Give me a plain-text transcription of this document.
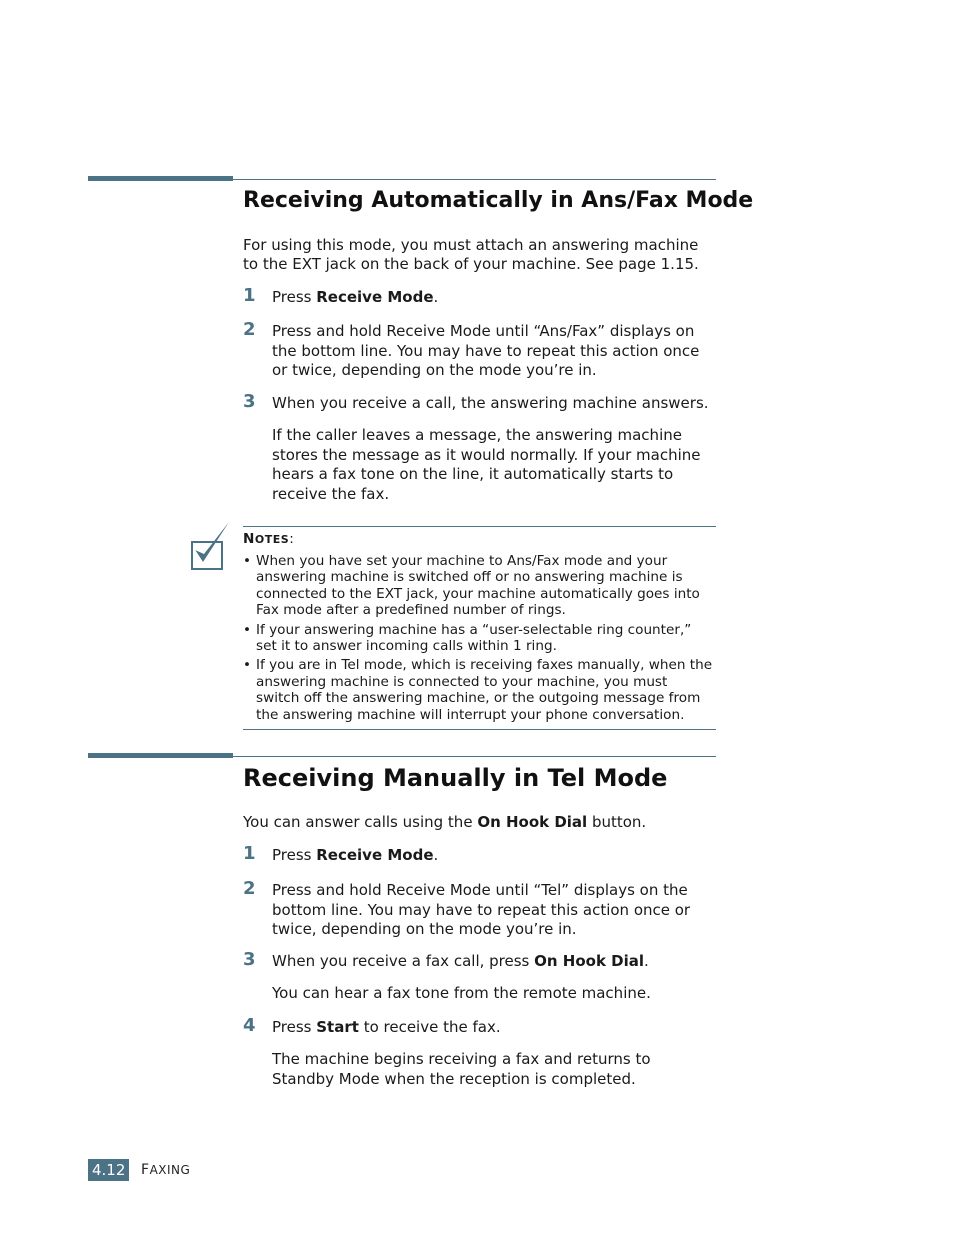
Receiving Automatically in Ans/Fax Mode

For using this mode, you must attach an answering machine to the EXT jack on the back of your machine. See page 1.15.

1 Press Receive Mode.

2 Press and hold Receive Mode until “Ans/Fax” displays on the bottom line. You may have to repeat this action once or twice, depending on the mode you’re in.

3 When you receive a call, the answering machine answers.

If the caller leaves a message, the answering machine stores the message as it would normally. If your machine hears a fax tone on the line, it automatically starts to receive the fax.

NOTES:
• When you have set your machine to Ans/Fax mode and your answering machine is switched off or no answering machine is connected to the EXT jack, your machine automatically goes into Fax mode after a predefined number of rings.
• If your answering machine has a “user-selectable ring counter,” set it to answer incoming calls within 1 ring.
• If you are in Tel mode, which is receiving faxes manually, when the answering machine is connected to your machine, you must switch off the answering machine, or the outgoing message from the answering machine will interrupt your phone conversation.
Receiving Manually in Tel Mode

You can answer calls using the On Hook Dial button.

1 Press Receive Mode.

2 Press and hold Receive Mode until “Tel” displays on the bottom line. You may have to repeat this action once or twice, depending on the mode you’re in.

3 When you receive a fax call, press On Hook Dial.

You can hear a fax tone from the remote machine.

4 Press Start to receive the fax.

The machine begins receiving a fax and returns to Standby Mode when the reception is completed.

4.12 FAXING
